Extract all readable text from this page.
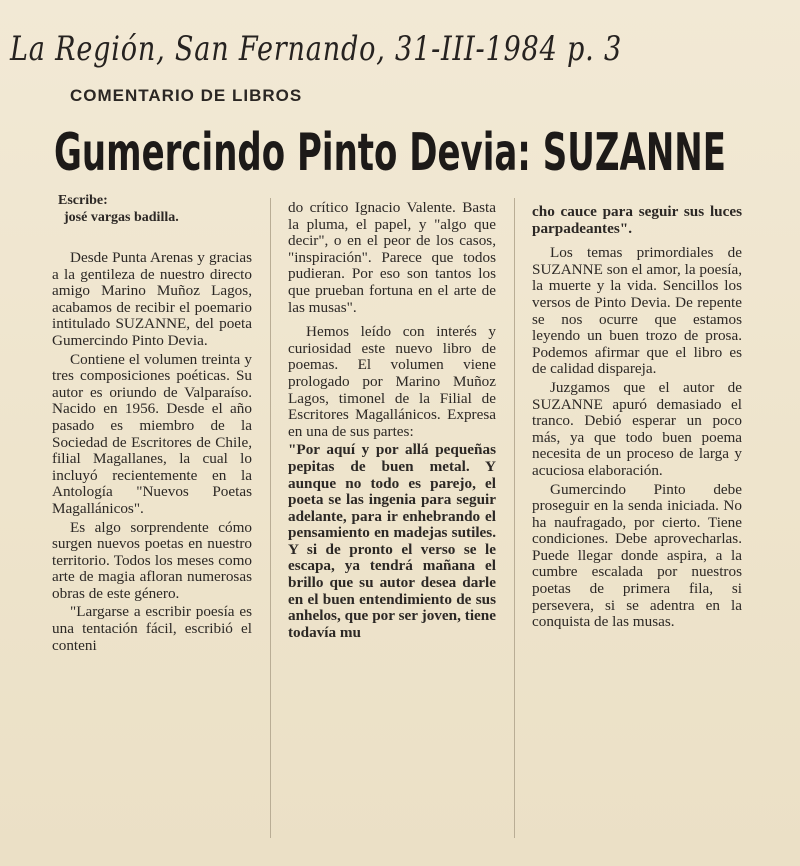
La Región, San Fernando, 31-III-1984 p. 3
COMENTARIO DE LIBROS
Gumercindo Pinto Devia: SUZANNE
Escribe:
josé vargas badilla.

Desde Punta Arenas y gracias a la gentileza de nuestro directo amigo Marino Muñoz Lagos, acabamos de recibir el poemario intitulado SUZANNE, del poeta Gumercindo Pinto Devia.

Contiene el volumen treinta y tres composiciones poéticas. Su autor es oriundo de Valparaíso. Nacido en 1956. Desde el año pasado es miembro de la Sociedad de Escritores de Chile, filial Magallanes, la cual lo incluyó recientemente en la Antología "Nuevos Poetas Magallánicos".

Es algo sorprendente cómo surgen nuevos poetas en nuestro territorio. Todos los meses como arte de magia afloran numerosas obras de este género.

"Largarse a escribir poesía es una tentación fácil, escribió el conteni

do crítico Ignacio Valente. Basta la pluma, el papel, y "algo que decir", o en el peor de los casos, "inspiración". Parece que todos pudieran. Por eso son tantos los que prueban fortuna en el arte de las musas".

Hemos leído con interés y curiosidad este nuevo libro de poemas. El volumen viene prologado por Marino Muñoz Lagos, timonel de la Filial de Escritores Magallánicos. Expresa en una de sus partes:

"Por aquí y por allá pequeñas pepitas de buen metal. Y aunque no todo es parejo, el poeta se las ingenia para seguir adelante, para ir enhebrando el pensamiento en madejas sutiles. Y si de pronto el verso se le escapa, ya tendrá mañana el brillo que su autor desea darle en el buen entendimiento de sus anhelos, que por ser joven, tiene todavía mu

cho cauce para seguir sus luces parpadeantes".

Los temas primordiales de SUZANNE son el amor, la poesía, la muerte y la vida. Sencillos los versos de Pinto Devia. De repente se nos ocurre que estamos leyendo un buen trozo de prosa. Podemos afirmar que el libro es de calidad dispareja.

Juzgamos que el autor de SUZANNE apuró demasiado el tranco. Debió esperar un poco más, ya que todo buen poema necesita de un proceso de larga y acuciosa elaboración.

Gumercindo Pinto debe proseguir en la senda iniciada. No ha naufragado, por cierto. Tiene condiciones. Debe aprovecharlas. Puede llegar donde aspira, a la cumbre escalada por nuestros poetas de primera fila, si persevera, si se adentra en la conquista de las musas.
